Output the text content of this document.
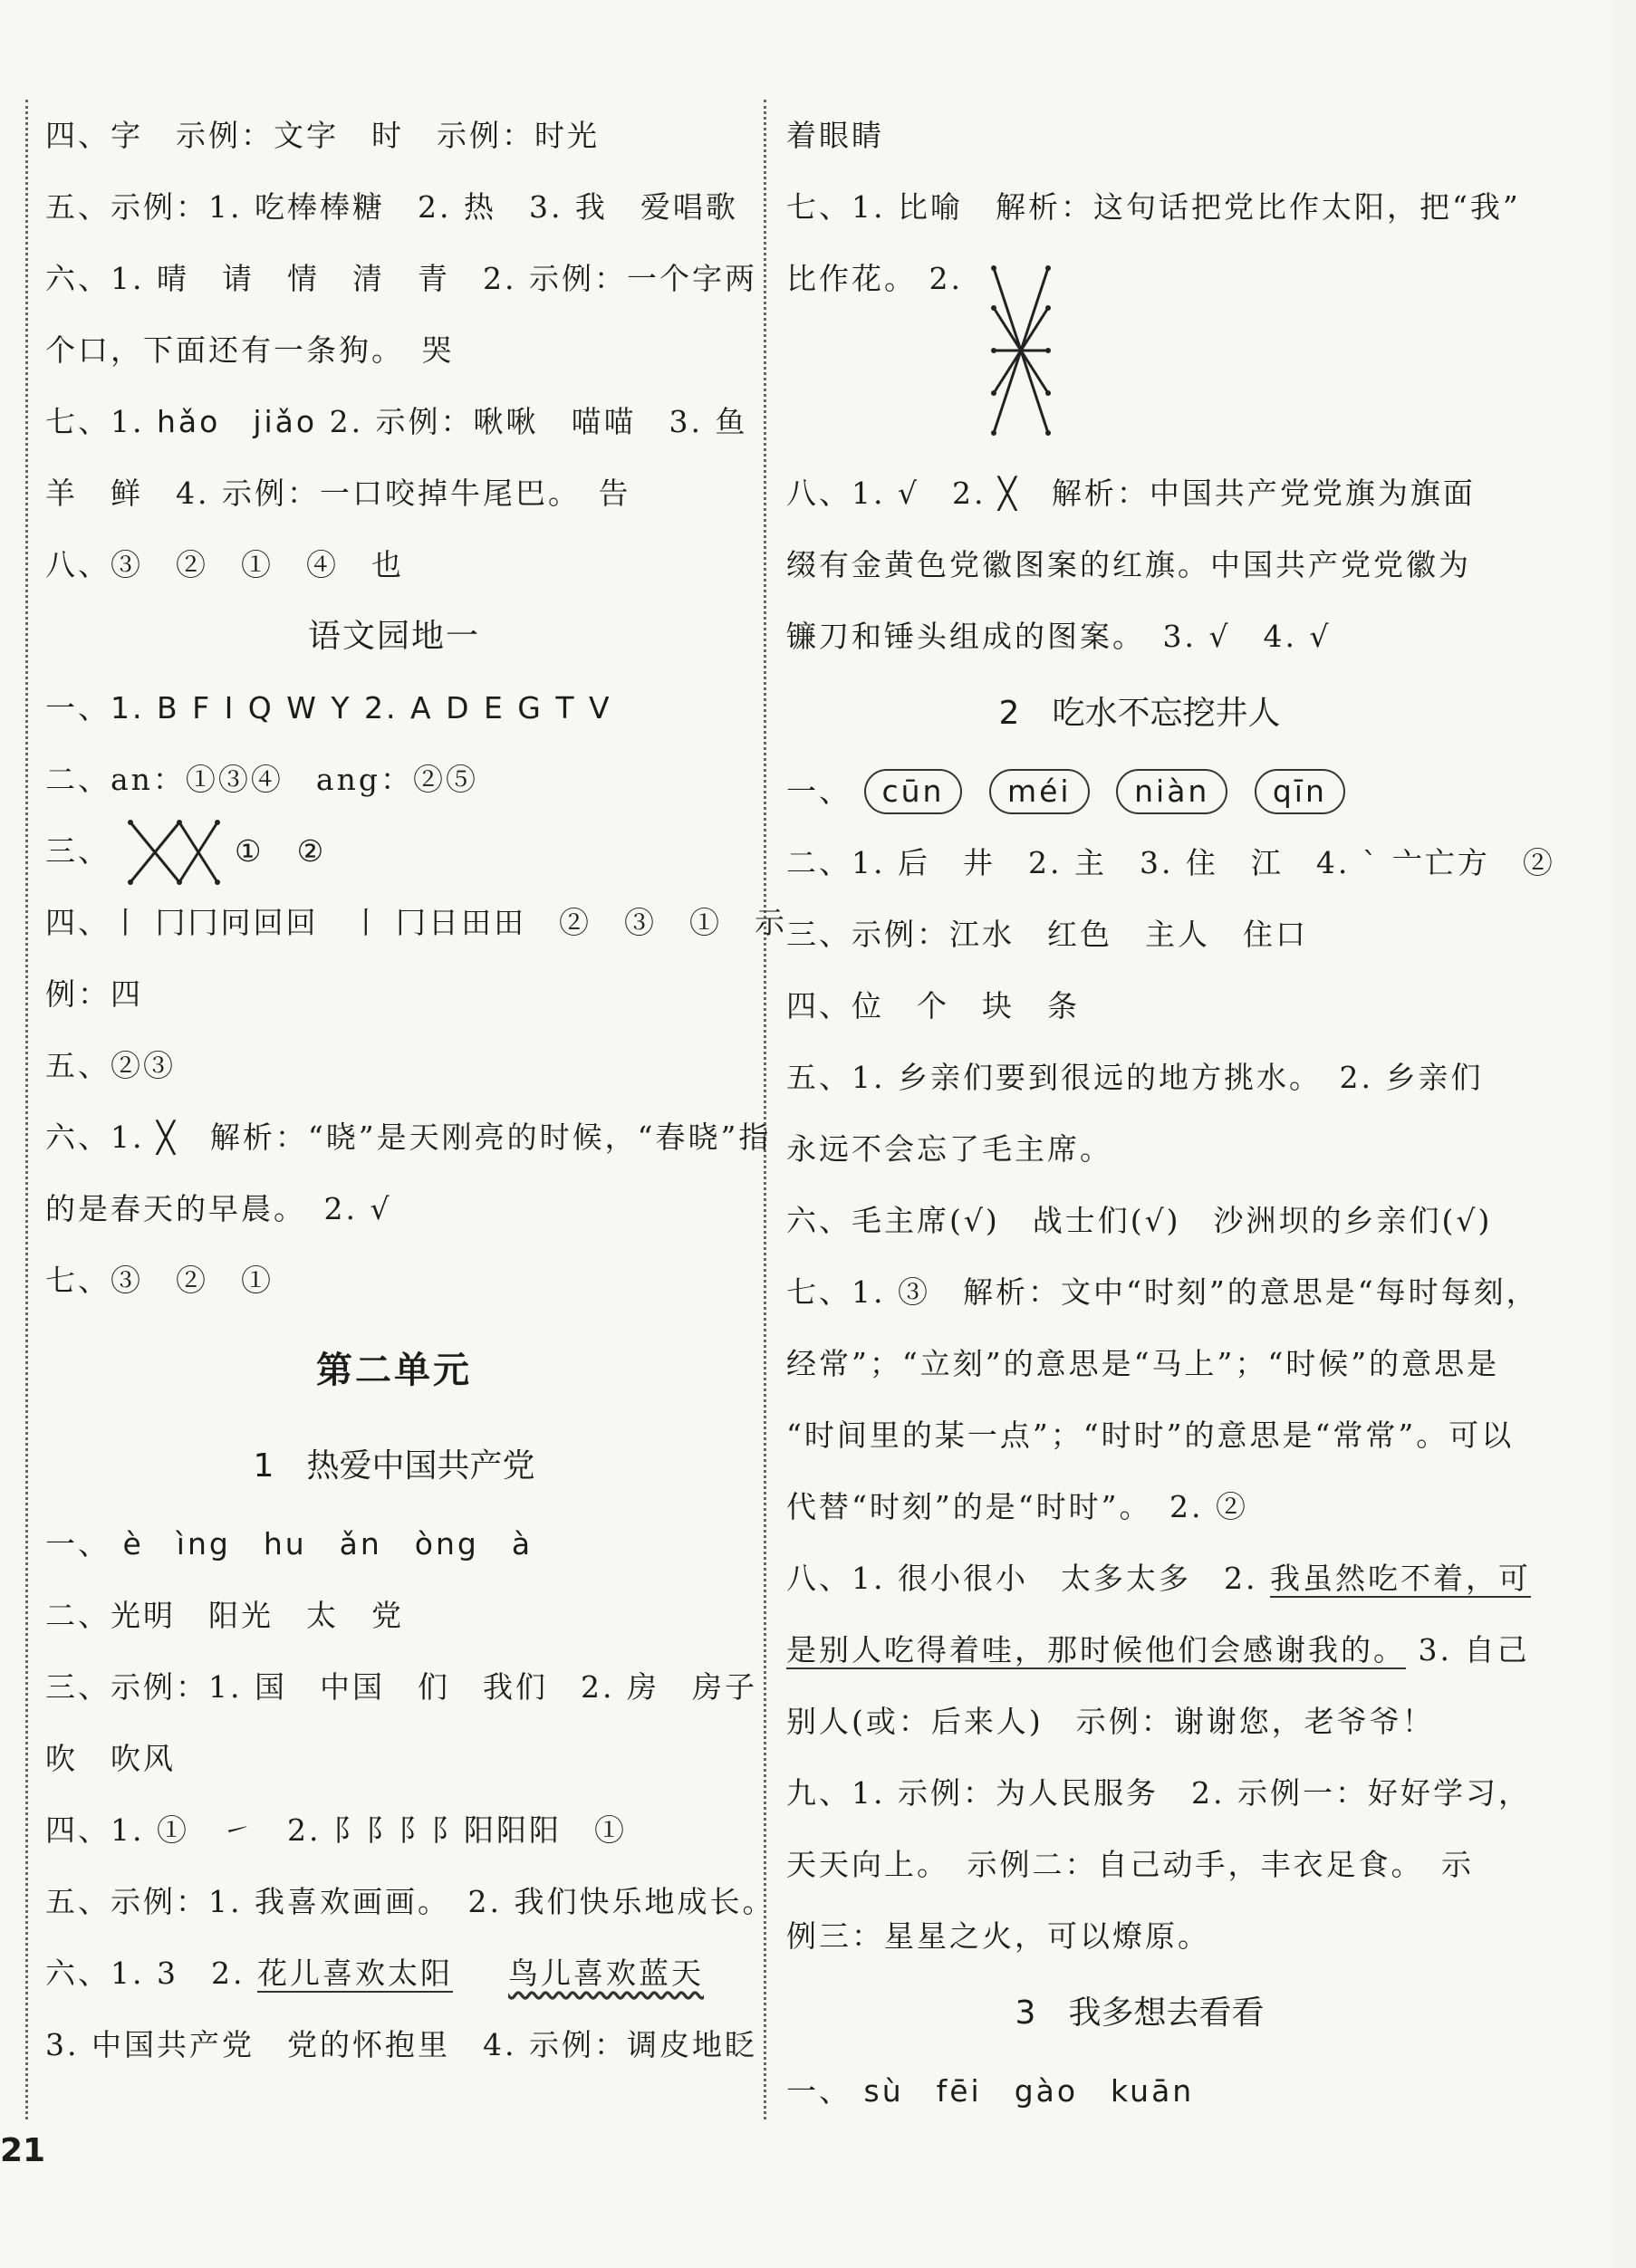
四、字　示例：文字　时　示例：时光
五、示例：1. 吃棒棒糖　2. 热　3. 我　爱唱歌
六、1. 晴　请　情　清　青　2. 示例：一个字两
个口，下面还有一条狗。　哭
七、1. hǎo　jiǎo 2. 示例：啾啾　喵喵　3. 鱼
羊　鲜　4. 示例：一口咬掉牛尾巴。　告
八、③　②　①　④　也
语文园地一
一、1. B F I Q W Y 2. A D E G T V
二、an：①③④　ang：②⑤
三、	①　②
四、丨 冂冂冋回回　丨 冂日田田　②　③　①　示
例：四
五、②③
六、1. ╳　解析：“晓”是天刚亮的时候，“春晓”指
的是春天的早晨。　2. √
七、③　②　①
第二单元
1　热爱中国共产党
一、 è　ìng　hu　ǎn　òng　à
二、光明　阳光　太　党
三、示例：1. 国　中国　们　我们　2. 房　房子
吹　吹风
四、1. ①　㇀　2. ⻖阝阝阝阳阳阳　①
五、示例：1. 我喜欢画画。　2. 我们快乐地成长。
六、1. 3　2. 花儿喜欢太阳 鸟儿喜欢蓝天
3. 中国共产党　党的怀抱里　4. 示例：调皮地眨
着眼睛
七、1. 比喻　解析：这句话把党比作太阳，把“我”
比作花。 2.
八、1. √　2. ╳　解析：中国共产党党旗为旗面
缀有金黄色党徽图案的红旗。中国共产党党徽为
镰刀和锤头组成的图案。　3. √　4. √
2　吃水不忘挖井人
一、 cūn méi niàn qīn
二、1. 后　井　2. 主　3. 住　江　4. ˋ 亠亡方　②
三、示例：江水　红色　主人　住口
四、位　个　块　条
五、1. 乡亲们要到很远的地方挑水。　2. 乡亲们
永远不会忘了毛主席。
六、毛主席(√)　战士们(√)　沙洲坝的乡亲们(√)
七、1. ③　解析：文中“时刻”的意思是“每时每刻，
经常”；“立刻”的意思是“马上”；“时候”的意思是
“时间里的某一点”；“时时”的意思是“常常”。可以
代替“时刻”的是“时时”。　2. ②
八、1. 很小很小　太多太多　2. 我虽然吃不着，可
是别人吃得着哇，那时候他们会感谢我的。 3. 自己
别人(或：后来人)　示例：谢谢您，老爷爷！
九、1. 示例：为人民服务　2. 示例一：好好学习，
天天向上。　示例二：自己动手，丰衣足食。　示
例三：星星之火，可以燎原。
3　我多想去看看
一、 sù　fēi　gào　kuān
21
